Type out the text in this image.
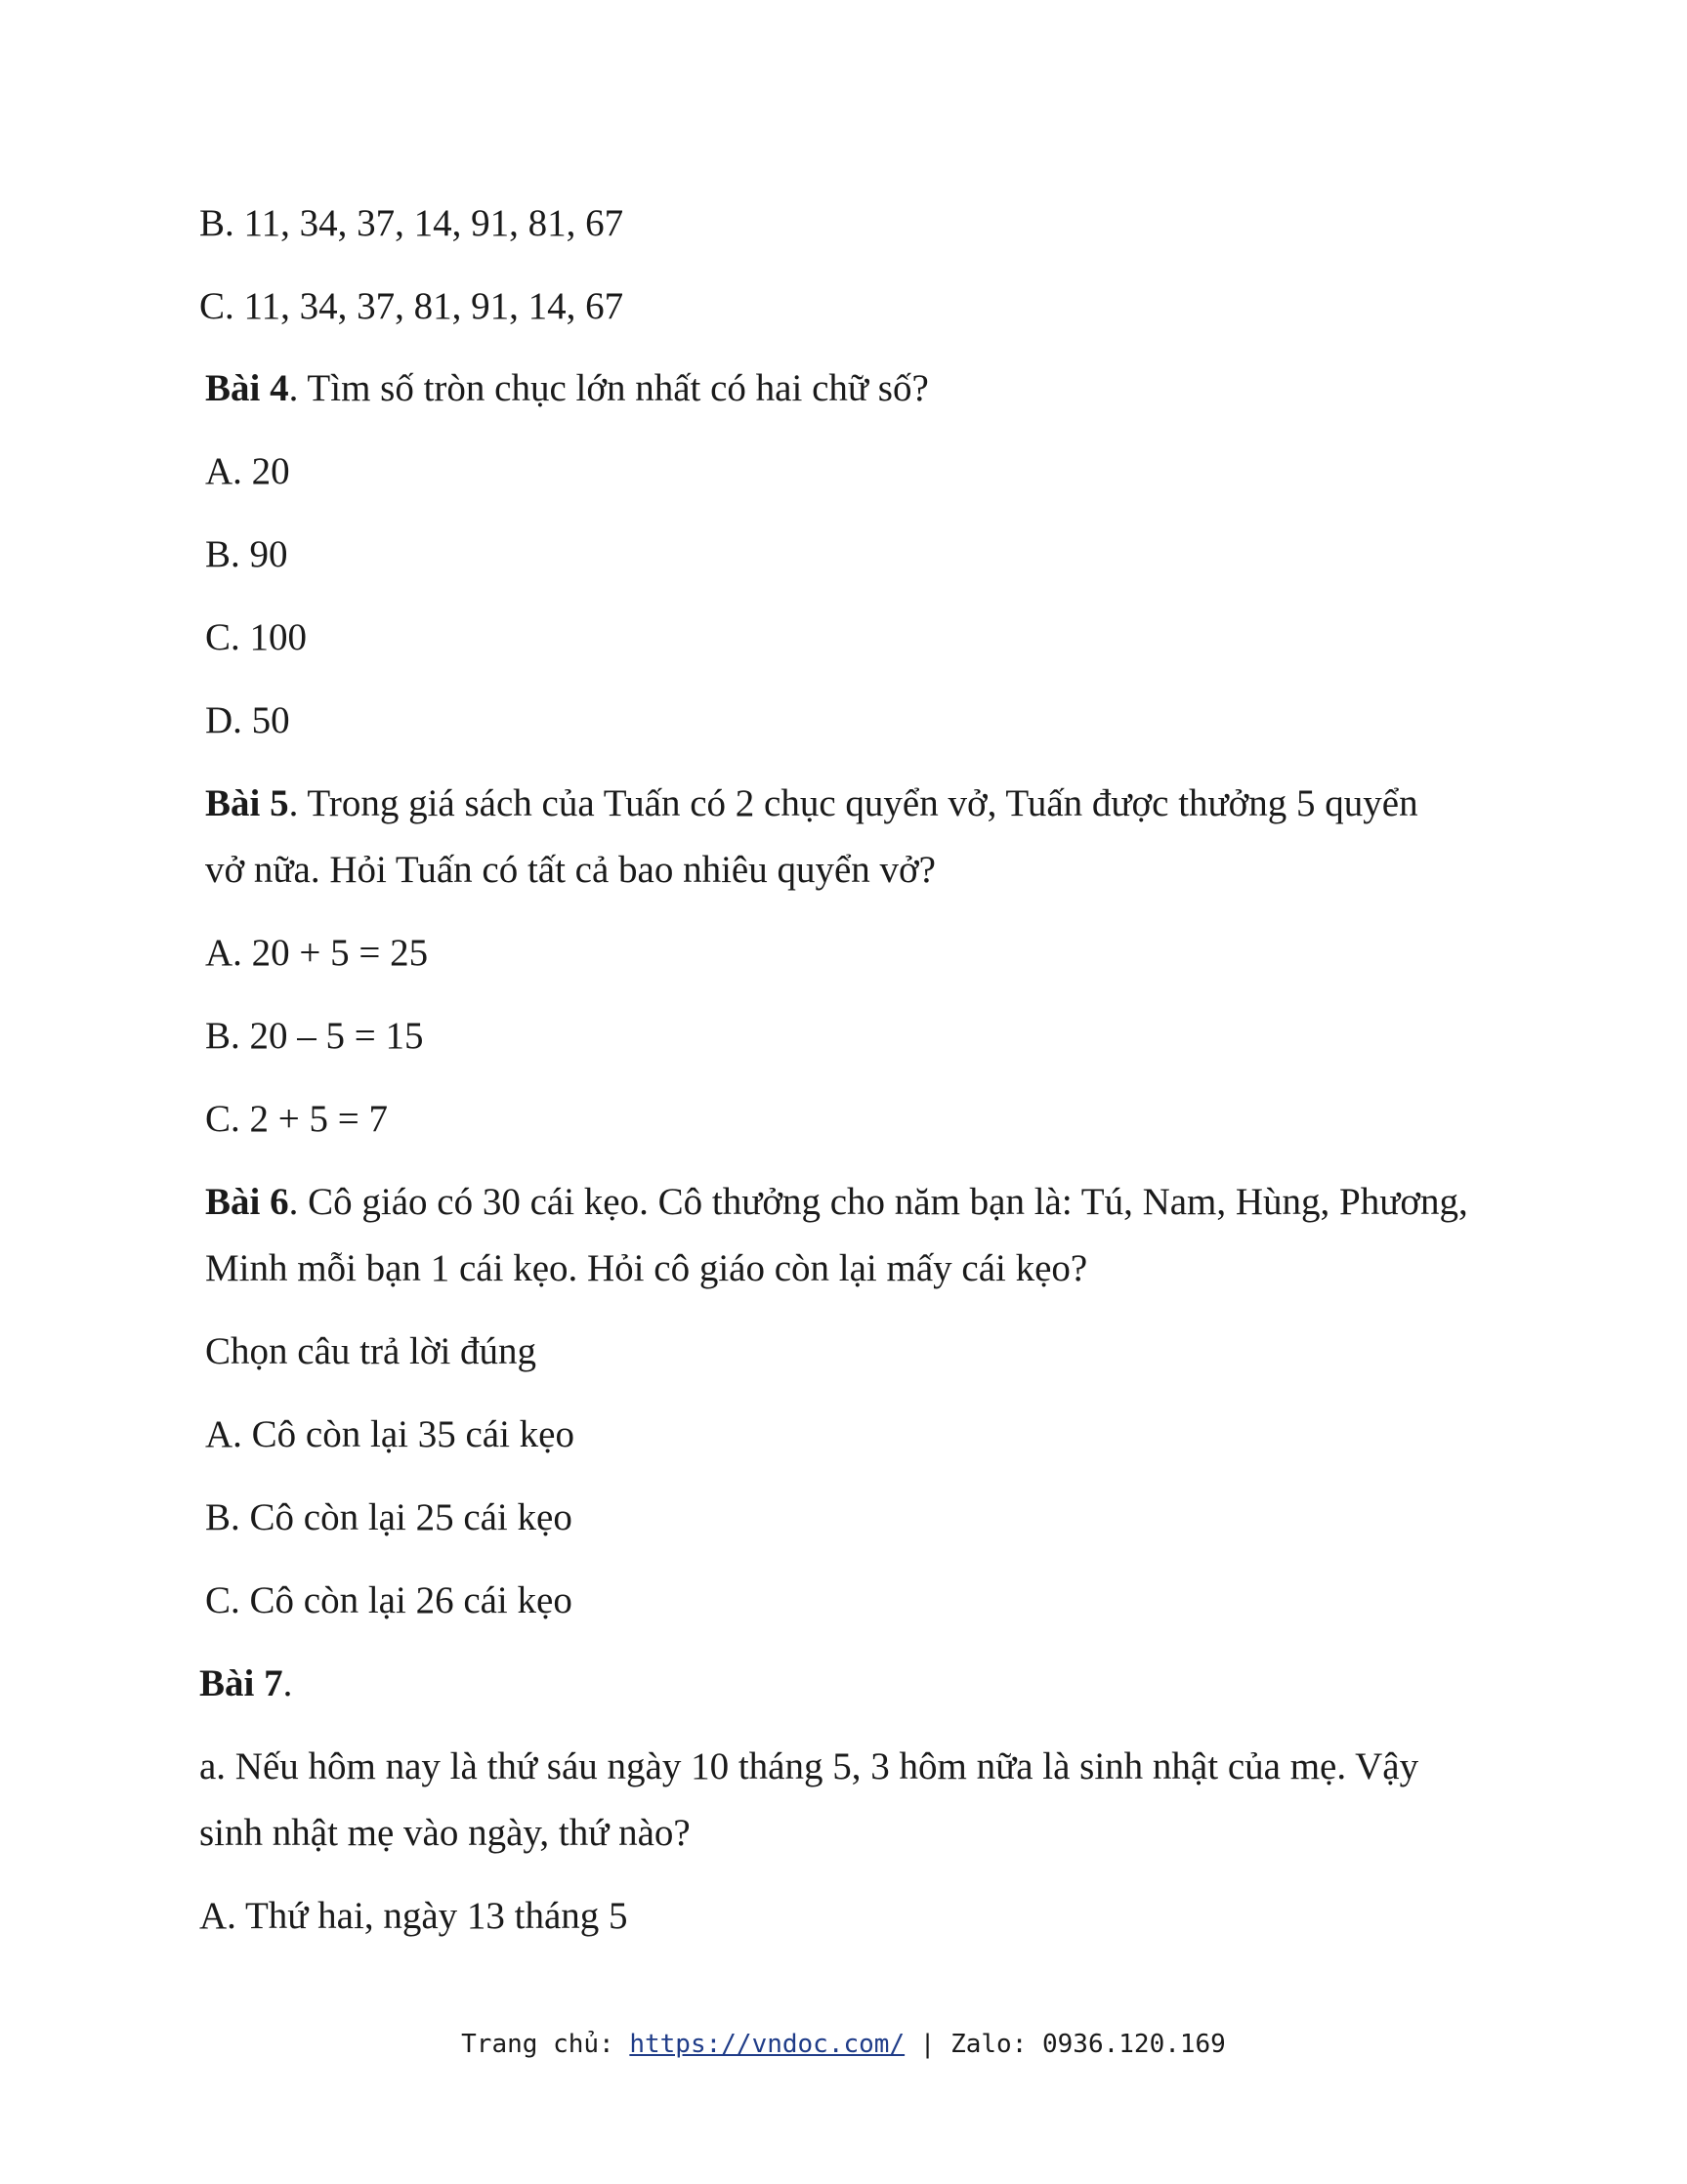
B. 11, 34, 37, 14, 91, 81, 67
C. 11, 34, 37, 81, 91, 14, 67
Bài 4. Tìm số tròn chục lớn nhất có hai chữ số?
A. 20
B. 90
C. 100
D. 50
Bài 5. Trong giá sách của Tuấn có 2 chục quyển vở, Tuấn được thưởng 5 quyển
vở nữa. Hỏi Tuấn có tất cả bao nhiêu quyển vở?
A. 20 + 5 = 25
B. 20 – 5 = 15
C. 2 + 5 = 7
Bài 6. Cô giáo có 30 cái kẹo. Cô thưởng cho năm bạn là: Tú, Nam, Hùng, Phương,
Minh mỗi bạn 1 cái kẹo. Hỏi cô giáo còn lại mấy cái kẹo?
Chọn câu trả lời đúng
A. Cô còn lại 35 cái kẹo
B. Cô còn lại 25 cái kẹo
C. Cô còn lại 26 cái kẹo
Bài 7.
a. Nếu hôm nay là thứ sáu ngày 10 tháng 5, 3 hôm nữa là sinh nhật của mẹ. Vậy
sinh nhật mẹ vào ngày, thứ nào?
A. Thứ hai, ngày 13 tháng 5
Trang chủ: https://vndoc.com/ | Zalo: 0936.120.169
